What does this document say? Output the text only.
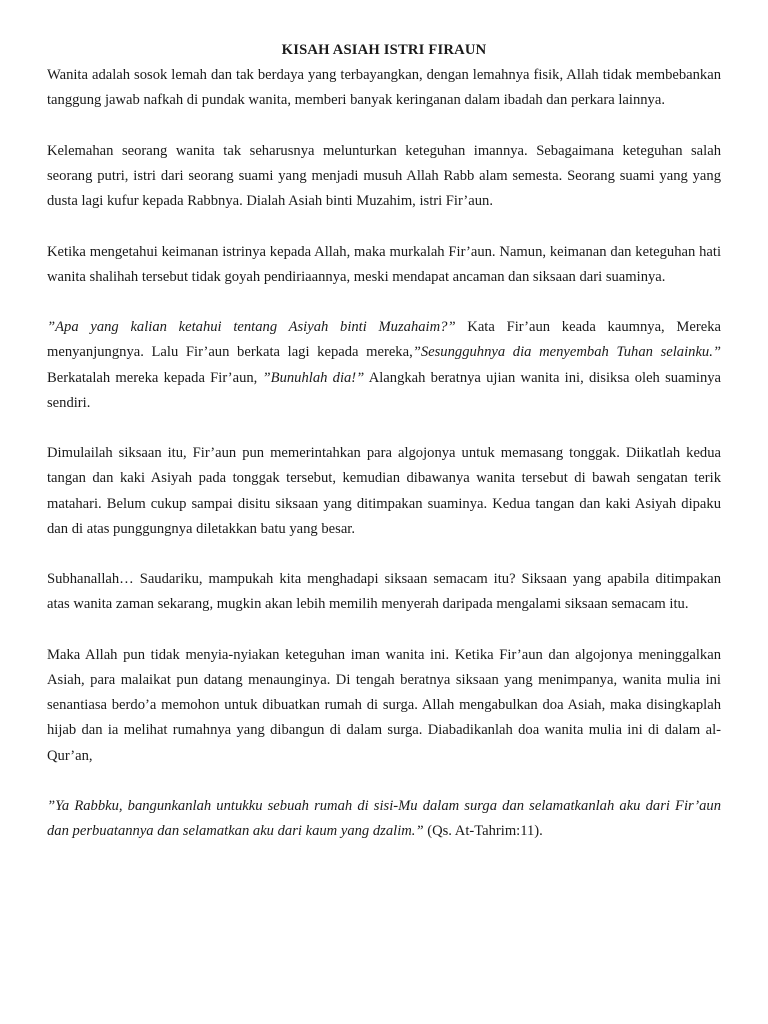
KISAH ASIAH ISTRI FIRAUN

Wanita adalah sosok lemah dan tak berdaya yang terbayangkan, dengan lemahnya fisik, Allah tidak membebankan tanggung jawab nafkah di pundak wanita, memberi banyak keringanan dalam ibadah dan perkara lainnya.

Kelemahan seorang wanita tak seharusnya melunturkan keteguhan imannya. Sebagaimana keteguhan salah seorang putri, istri dari seorang suami yang menjadi musuh Allah Rabb alam semesta. Seorang suami yang yang dusta lagi kufur kepada Rabbnya. Dialah Asiah binti Muzahim, istri Fir’aun.

Ketika mengetahui keimanan istrinya kepada Allah, maka murkalah Fir’aun. Namun, keimanan dan keteguhan hati wanita shalihah tersebut tidak goyah pendiriaannya, meski mendapat ancaman dan siksaan dari suaminya.

”Apa yang kalian ketahui tentang Asiyah binti Muzahaim?” Kata Fir’aun keada kaumnya, Mereka menyanjungnya. Lalu Fir’aun berkata lagi kepada mereka,”Sesungguhnya dia menyembah Tuhan selainku.” Berkatalah mereka kepada Fir’aun, ”Bunuhlah dia!” Alangkah beratnya ujian wanita ini, disiksa oleh suaminya sendiri.

Dimulailah siksaan itu, Fir’aun pun memerintahkan para algojonya untuk memasang tonggak. Diikatlah kedua tangan dan kaki Asiyah pada tonggak tersebut, kemudian dibawanya wanita tersebut di bawah sengatan terik matahari. Belum cukup sampai disitu siksaan yang ditimpakan suaminya. Kedua tangan dan kaki Asiyah dipaku dan di atas punggungnya diletakkan batu yang besar.

Subhanallah… Saudariku, mampukah kita menghadapi siksaan semacam itu? Siksaan yang apabila ditimpakan atas wanita zaman sekarang, mugkin akan lebih memilih menyerah daripada mengalami siksaan semacam itu.

Maka Allah pun tidak menyia-nyiakan keteguhan iman wanita ini. Ketika Fir’aun dan algojonya meninggalkan Asiah, para malaikat pun datang menaunginya. Di tengah beratnya siksaan yang menimpanya, wanita mulia ini senantiasa berdo’a memohon untuk dibuatkan rumah di surga. Allah mengabulkan doa Asiah, maka disingkaplah hijab dan ia melihat rumahnya yang dibangun di dalam surga. Diabadikanlah doa wanita mulia ini di dalam al-Qur’an,

”Ya Rabbku, bangunkanlah untukku sebuah rumah di sisi-Mu dalam surga dan selamatkanlah aku dari Fir’aun dan perbuatannya dan selamatkan aku dari kaum yang dzalim.” (Qs. At-Tahrim:11).
